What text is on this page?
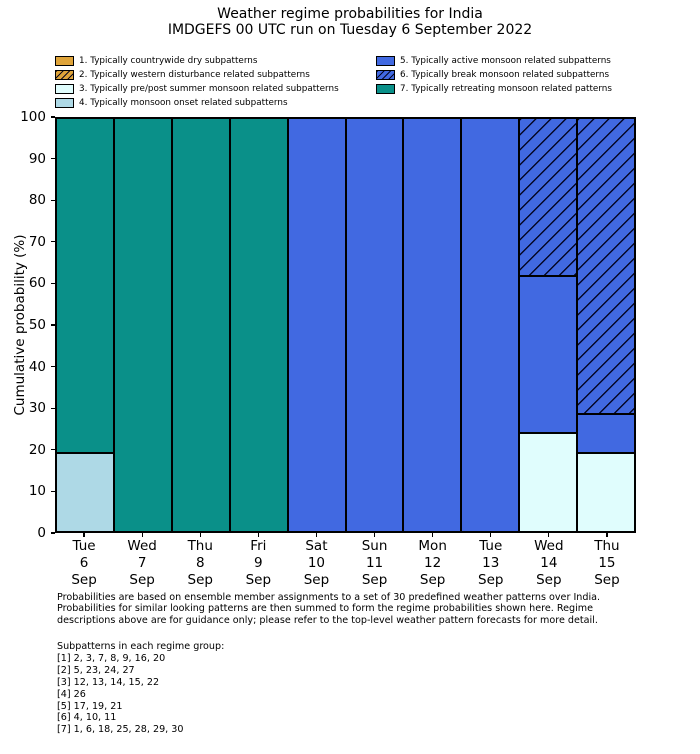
Weather regime probabilities for India
IMDGEFS 00 UTC run on Tuesday 6 September 2022
1. Typically countrywide dry subpatterns
2. Typically western disturbance related subpatterns
3. Typically pre/post summer monsoon related subpatterns
4. Typically monsoon onset related subpatterns
5. Typically active monsoon related subpatterns
6. Typically break monsoon related subpatterns
7. Typically retreating monsoon related patterns
Cumulative probability (%)
0
10
20
30
40
50
60
70
80
90
100
Tue
6
Sep
Wed
7
Sep
Thu
8
Sep
Fri
9
Sep
Sat
10
Sep
Sun
11
Sep
Mon
12
Sep
Tue
13
Sep
Wed
14
Sep
Thu
15
Sep
Probabilities are based on ensemble member assignments to a set of 30 predefined weather patterns over India.
Probabilities for similar looking patterns are then summed to form the regime probabilities shown here. Regime
descriptions above are for guidance only; please refer to the top-level weather pattern forecasts for more detail.
Subpatterns in each regime group:
[1] 2, 3, 7, 8, 9, 16, 20
[2] 5, 23, 24, 27
[3] 12, 13, 14, 15, 22
[4] 26
[5] 17, 19, 21
[6] 4, 10, 11
[7] 1, 6, 18, 25, 28, 29, 30
